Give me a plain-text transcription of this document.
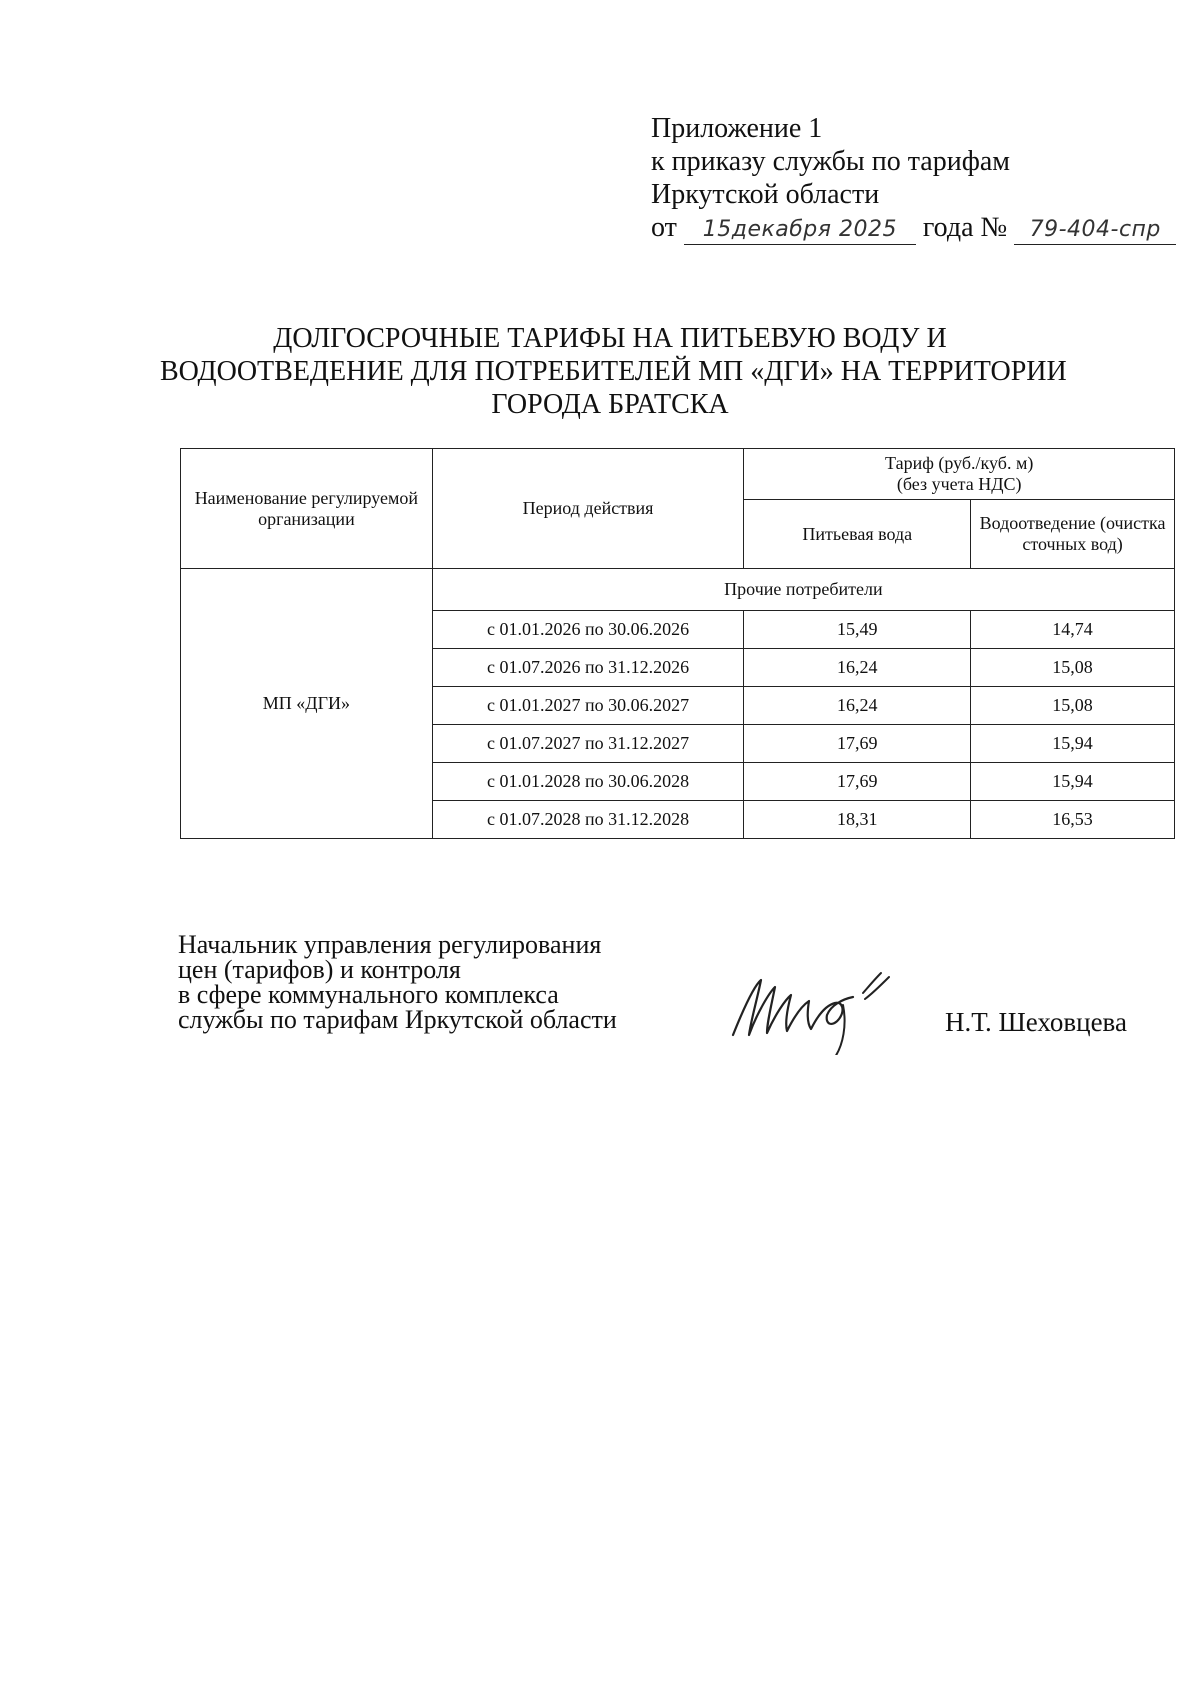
Приложение 1
к приказу службы по тарифам
Иркутской области
от 15декабря 2025 года № 79-404-спр
ДОЛГОСРОЧНЫЕ ТАРИФЫ НА ПИТЬЕВУЮ ВОДУ И
ВОДООТВЕДЕНИЕ ДЛЯ ПОТРЕБИТЕЛЕЙ МП «ДГИ» НА ТЕРРИТОРИИ
ГОРОДА БРАТСКА
Наименование регулируемой организации	Период действия	Тариф (руб./куб. м)
(без учета НДС)	

		Питьевая вода	Водоотведение (очистка сточных вод)
МП «ДГИ»	Прочие потребители		
	с 01.01.2026 по 30.06.2026	15,49	14,74
	с 01.07.2026 по 31.12.2026	16,24	15,08
	с 01.01.2027 по 30.06.2027	16,24	15,08
	с 01.07.2027 по 31.12.2027	17,69	15,94
	с 01.01.2028 по 30.06.2028	17,69	15,94
	с 01.07.2028 по 31.12.2028	18,31	16,53
Начальник управления регулирования
цен (тарифов) и контроля
в сфере коммунального комплекса
службы по тарифам Иркутской области	Н.Т. Шеховцева
